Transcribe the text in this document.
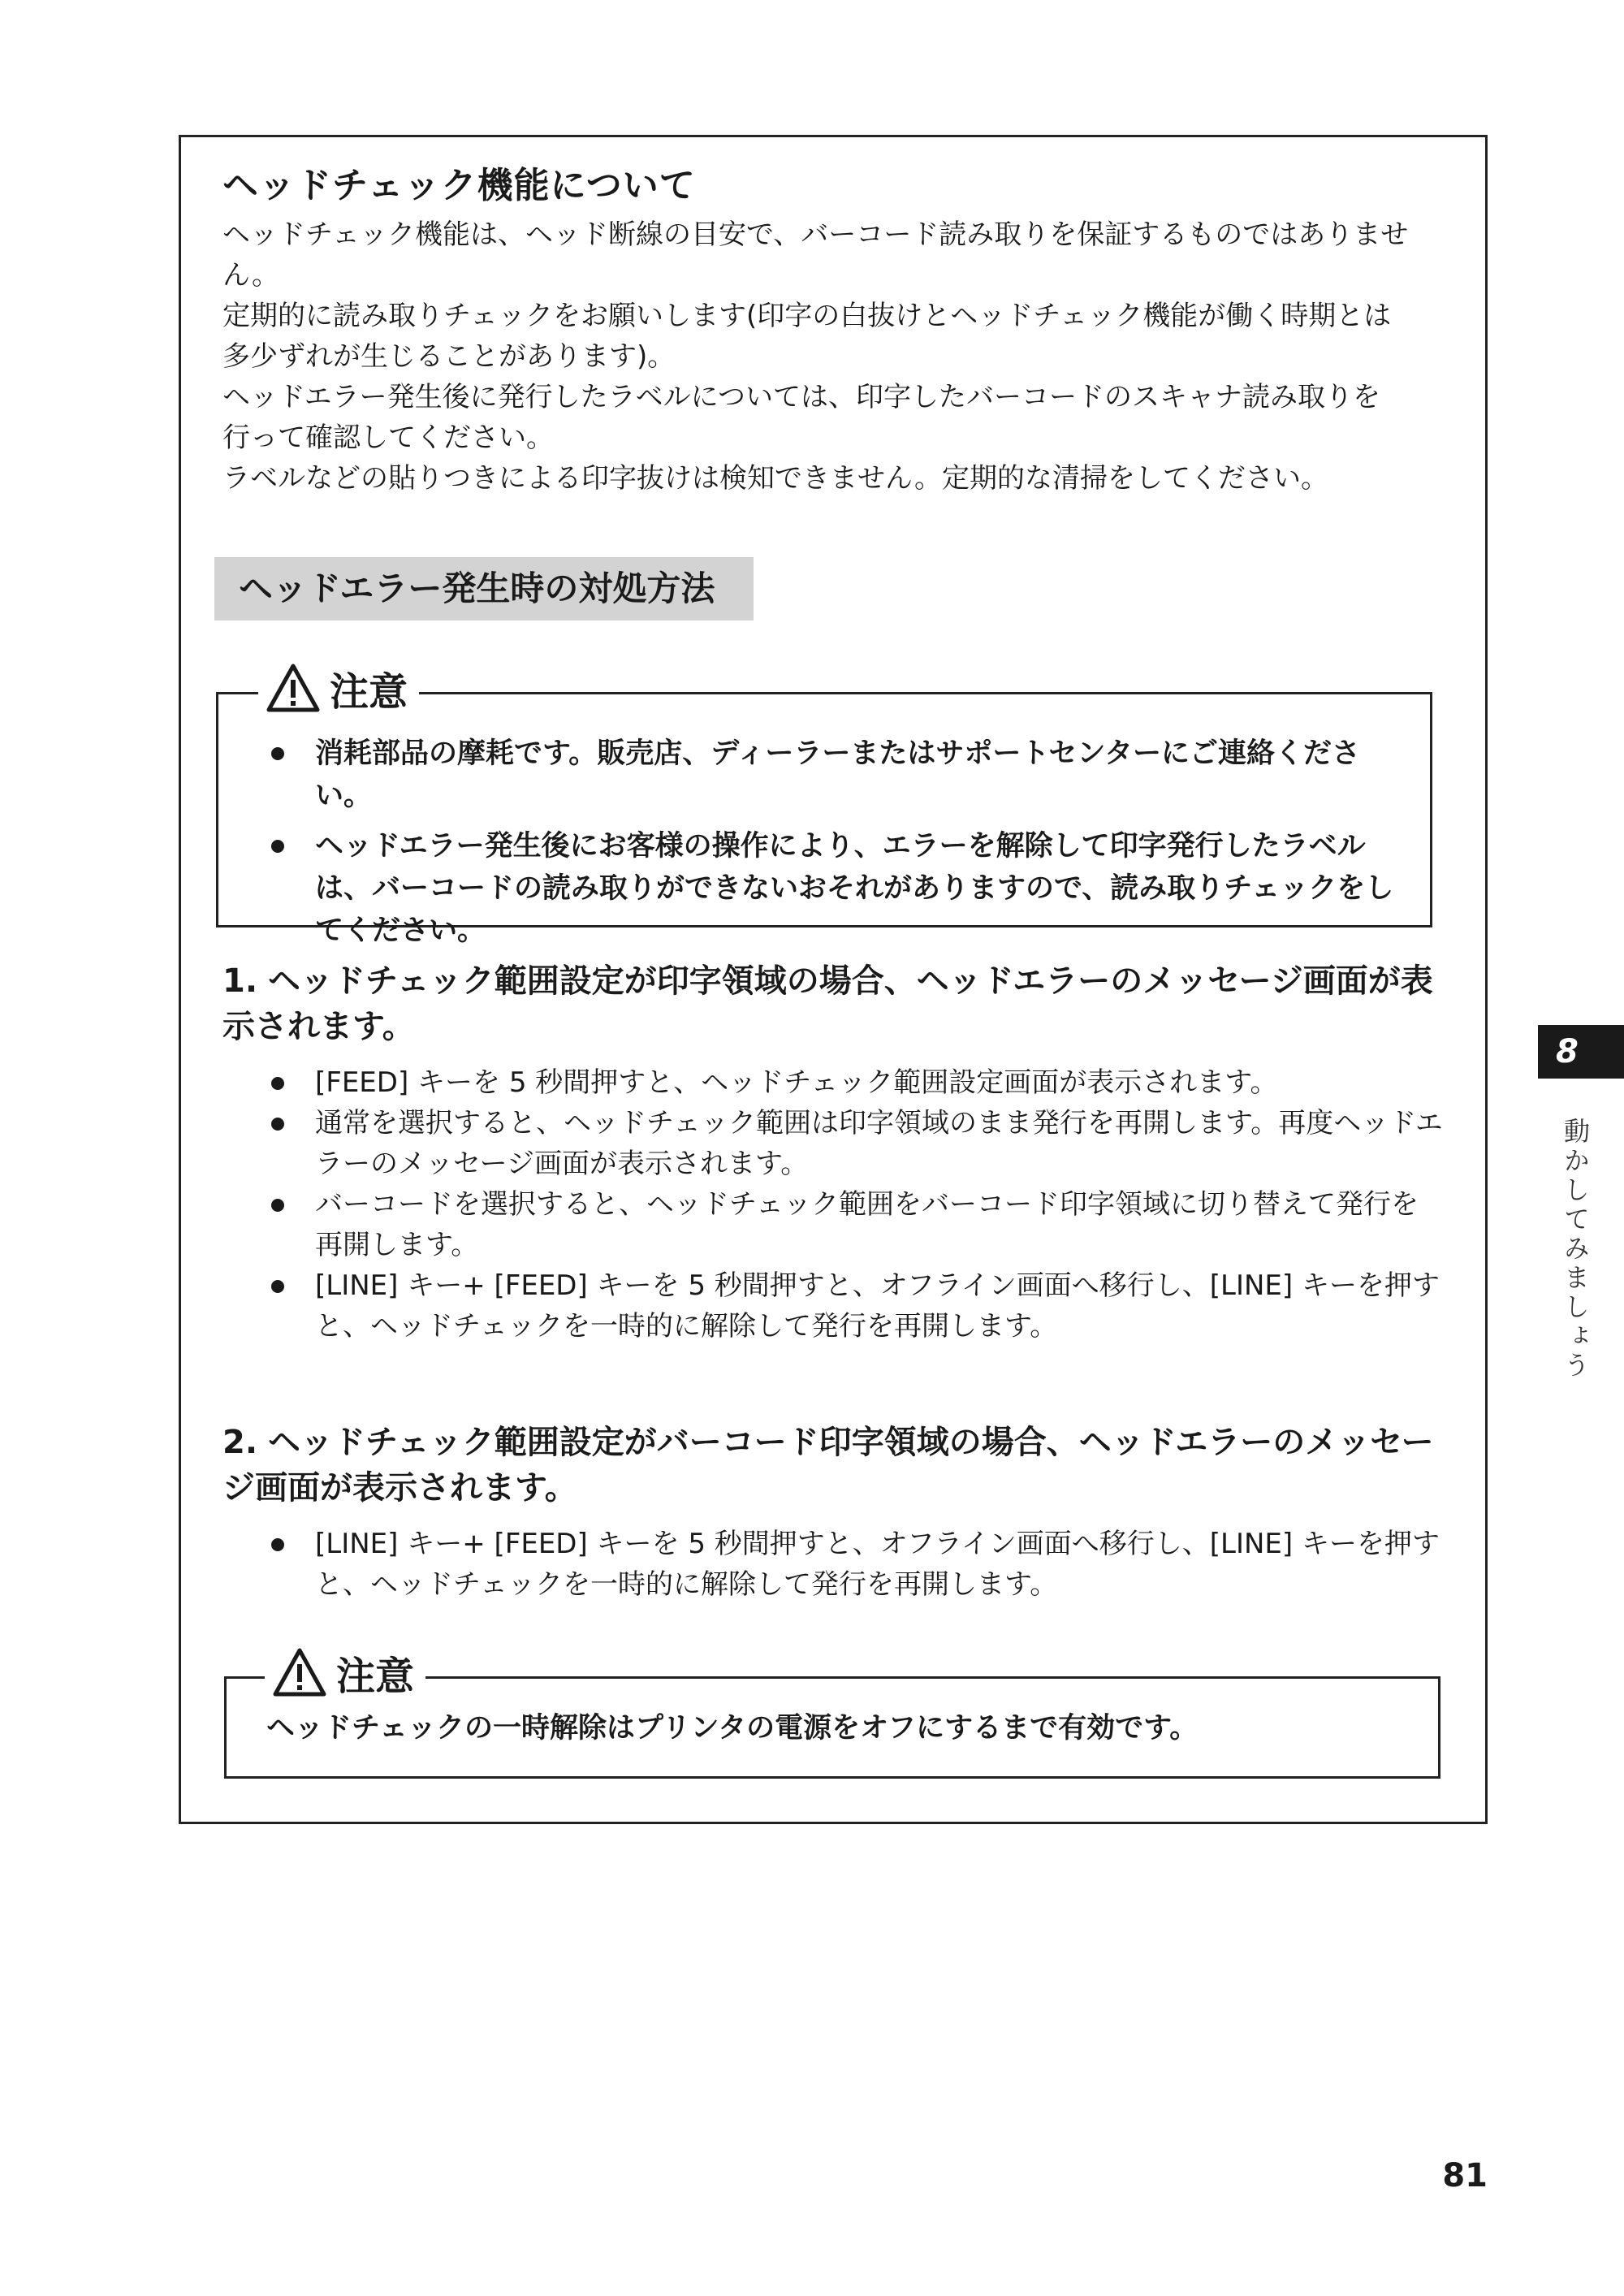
ヘッドチェック機能について

ヘッドチェック機能は、ヘッド断線の目安で、バーコード読み取りを保証するものではありませ

ん。

定期的に読み取りチェックをお願いします(印字の白抜けとヘッドチェック機能が働く時期とは

多少ずれが生じることがあります)。

ヘッドエラー発生後に発行したラベルについては、印字したバーコードのスキャナ読み取りを

行って確認してください。

ラベルなどの貼りつきによる印字抜けは検知できません。定期的な清掃をしてください。

ヘッドエラー発生時の対処方法
注意
消耗部品の摩耗です。販売店、ディーラーまたはサポートセンターにご連絡ください。
ヘッドエラー発生後にお客様の操作により、エラーを解除して印字発行したラベルは、バーコードの読み取りができないおそれがありますので、読み取りチェックをしてください。
1. ヘッドチェック範囲設定が印字領域の場合、ヘッドエラーのメッセージ画面が表示されます。
[FEED] キーを 5 秒間押すと、ヘッドチェック範囲設定画面が表示されます。
通常を選択すると、ヘッドチェック範囲は印字領域のまま発行を再開します。再度ヘッドエラーのメッセージ画面が表示されます。
バーコードを選択すると、ヘッドチェック範囲をバーコード印字領域に切り替えて発行を再開します。
[LINE] キー+ [FEED] キーを 5 秒間押すと、オフライン画面へ移行し、[LINE] キーを押すと、ヘッドチェックを一時的に解除して発行を再開します。
2. ヘッドチェック範囲設定がバーコード印字領域の場合、ヘッドエラーのメッセージ画面が表示されます。
[LINE] キー+ [FEED] キーを 5 秒間押すと、オフライン画面へ移行し、[LINE] キーを押すと、ヘッドチェックを一時的に解除して発行を再開します。
注意
ヘッドチェックの一時解除はプリンタの電源をオフにするまで有効です。
8
動かしてみましょう
81
